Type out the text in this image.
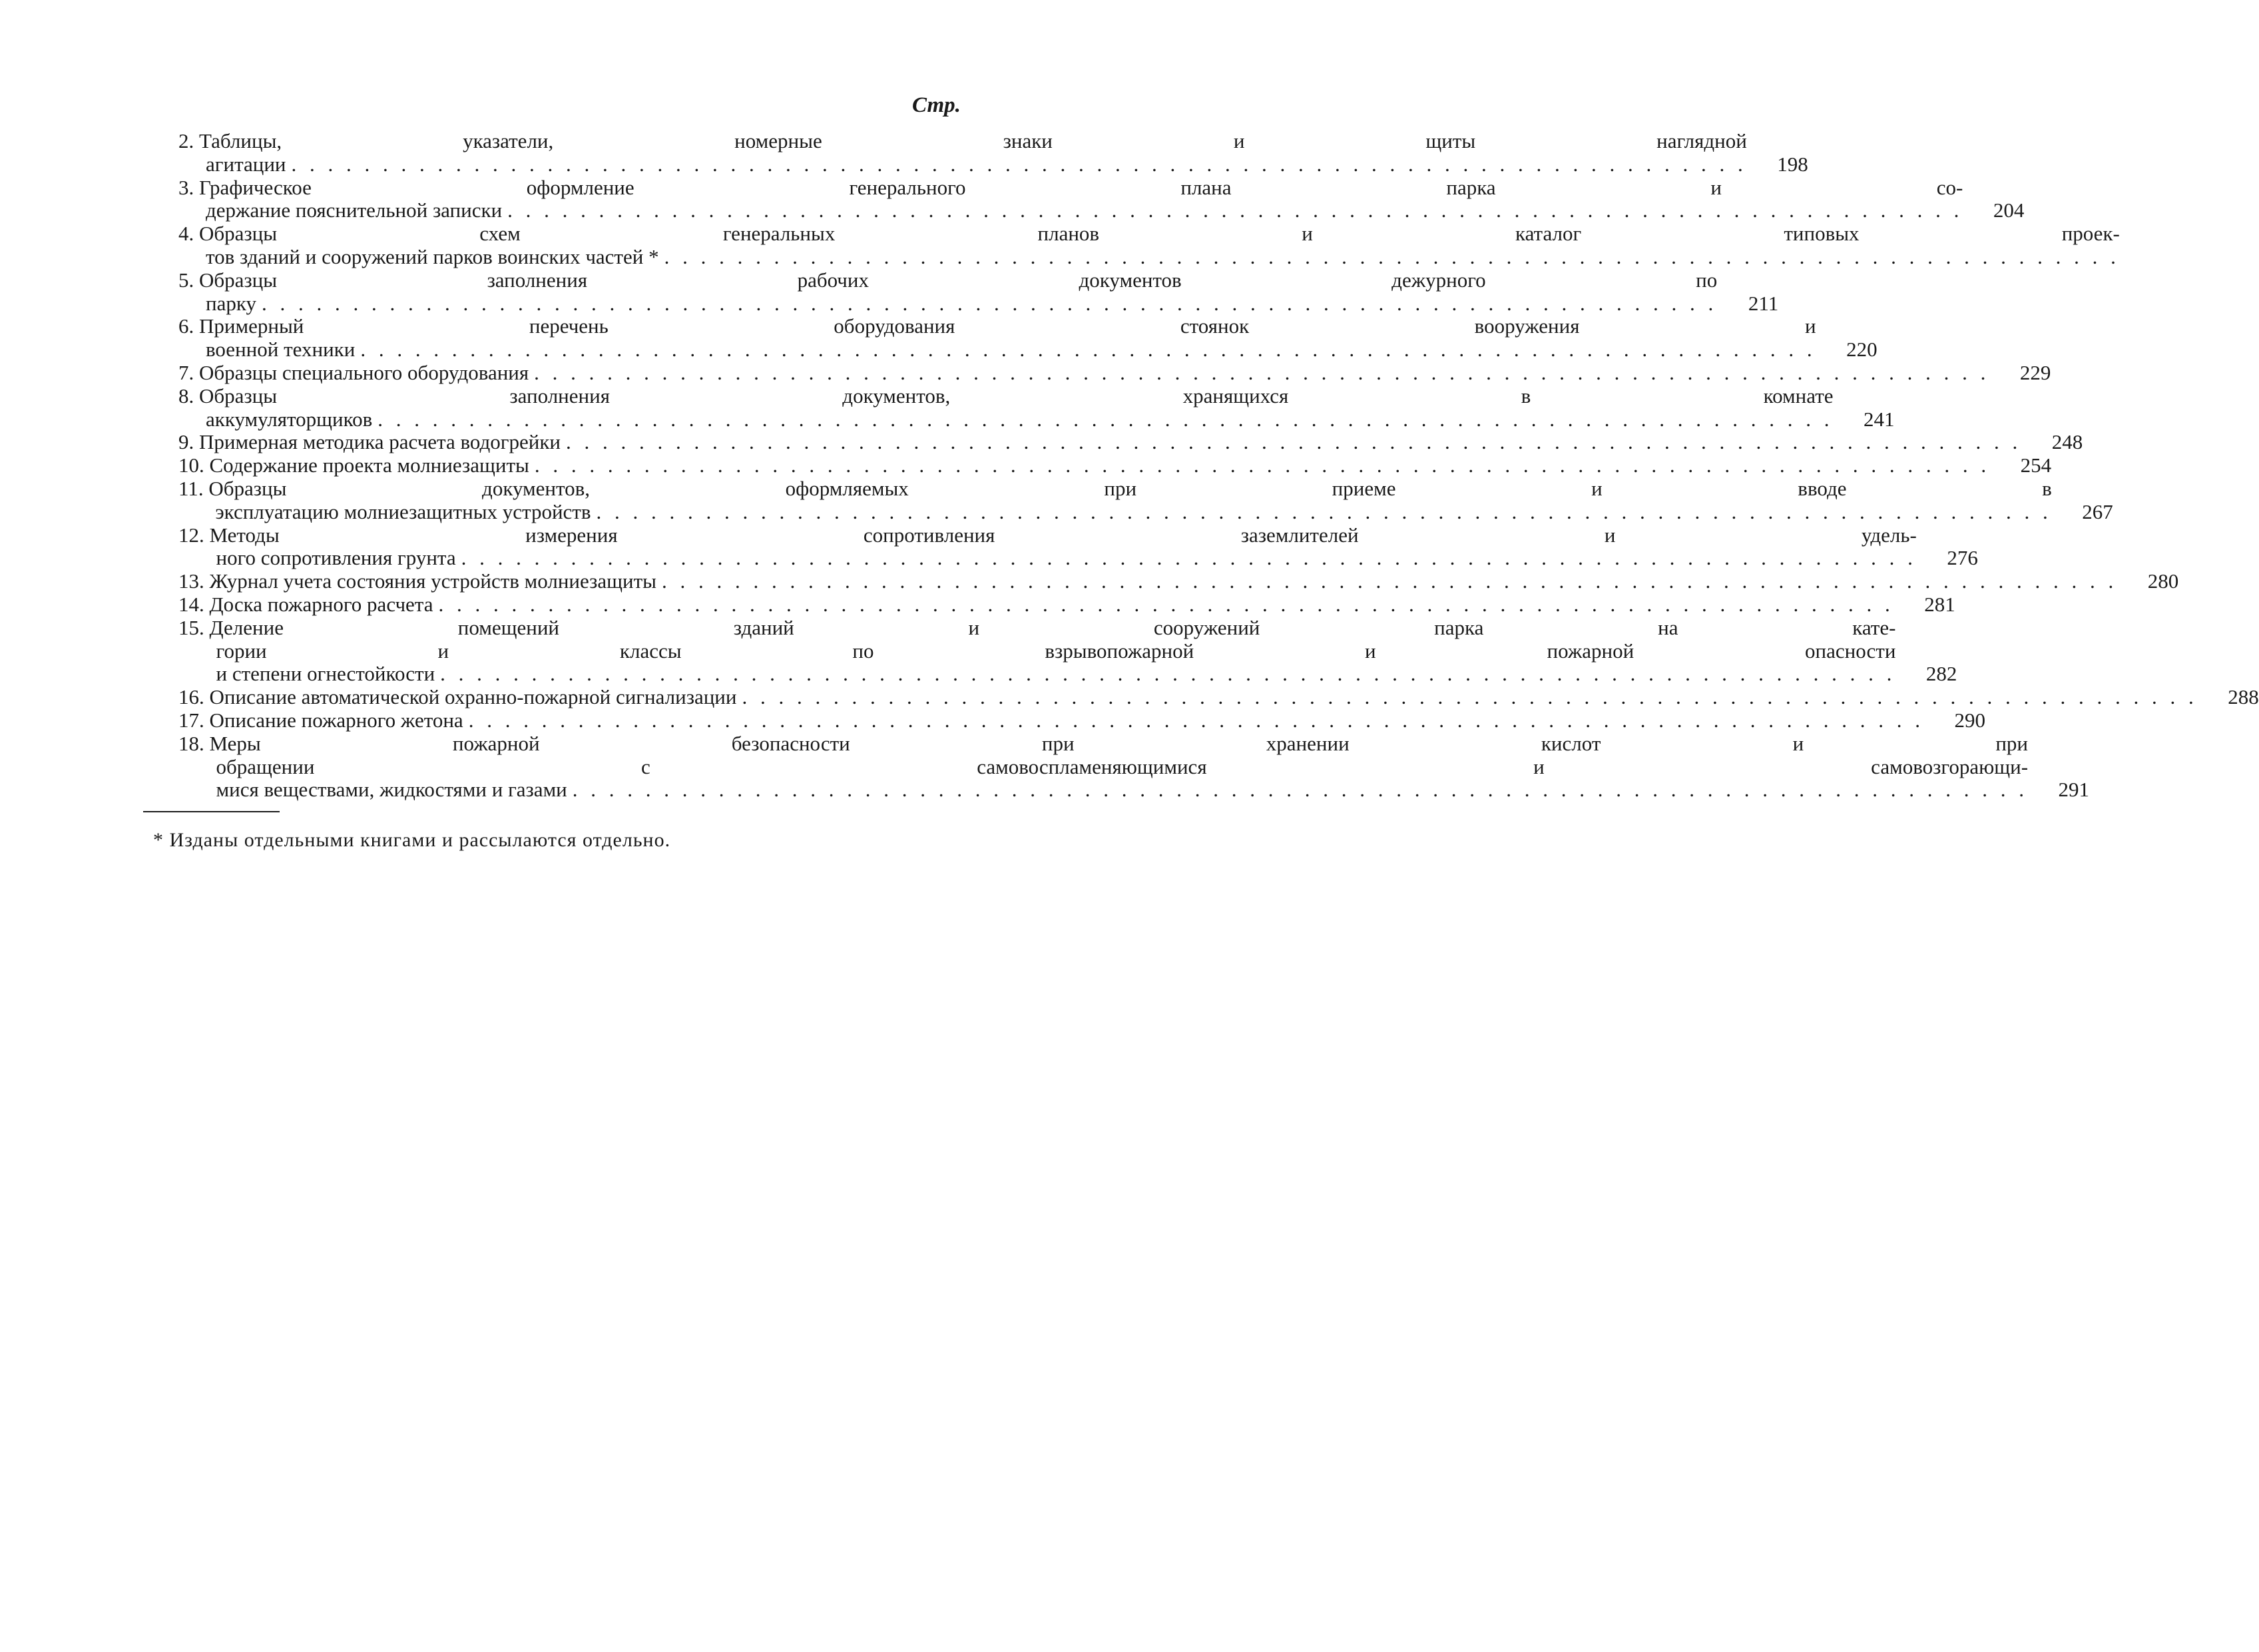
Стр.
2. Таблицы, указатели, номерные знаки и щиты наглядной
агитации . . . . . . . . . . . . . . . . . . . . . . . . . . . . . . . . . . . . . . . . . . . . . . . . . . . . . . . . . . . . . . . . . . . . . . . . . . . . . . . .	198
3. Графическое оформление генерального плана парка и со-
держание пояснительной записки . . . . . . . . . . . . . . . . . . . . . . . . . . . . . . . . . . . . . . . . . . . . . . . . . . . . . . . . . . . . . . . . . . . . . . . . . . . . . . . .	204
4. Образцы схем генеральных планов и каталог типовых проек-
тов зданий и сооружений парков воинских частей * . . . . . . . . . . . . . . . . . . . . . . . . . . . . . . . . . . . . . . . . . . . . . . . . . . . . . . . . . . . . . . . . . . . . . . . . . . . . . . . .
5. Образцы заполнения рабочих документов дежурного по
парку . . . . . . . . . . . . . . . . . . . . . . . . . . . . . . . . . . . . . . . . . . . . . . . . . . . . . . . . . . . . . . . . . . . . . . . . . . . . . . . .	211
6. Примерный перечень оборудования стоянок вооружения и
военной техники . . . . . . . . . . . . . . . . . . . . . . . . . . . . . . . . . . . . . . . . . . . . . . . . . . . . . . . . . . . . . . . . . . . . . . . . . . . . . . . .	220
7. Образцы специального оборудования . . . . . . . . . . . . . . . . . . . . . . . . . . . . . . . . . . . . . . . . . . . . . . . . . . . . . . . . . . . . . . . . . . . . . . . . . . . . . . . .	229
8. Образцы заполнения документов, хранящихся в комнате
аккумуляторщиков . . . . . . . . . . . . . . . . . . . . . . . . . . . . . . . . . . . . . . . . . . . . . . . . . . . . . . . . . . . . . . . . . . . . . . . . . . . . . . . .	241
9. Примерная методика расчета водогрейки . . . . . . . . . . . . . . . . . . . . . . . . . . . . . . . . . . . . . . . . . . . . . . . . . . . . . . . . . . . . . . . . . . . . . . . . . . . . . . . .	248
10. Содержание проекта молниезащиты . . . . . . . . . . . . . . . . . . . . . . . . . . . . . . . . . . . . . . . . . . . . . . . . . . . . . . . . . . . . . . . . . . . . . . . . . . . . . . . .	254
11. Образцы документов, оформляемых при приеме и вводе в
эксплуатацию молниезащитных устройств . . . . . . . . . . . . . . . . . . . . . . . . . . . . . . . . . . . . . . . . . . . . . . . . . . . . . . . . . . . . . . . . . . . . . . . . . . . . . . . .	267
12. Методы измерения сопротивления заземлителей и удель-
ного сопротивления грунта . . . . . . . . . . . . . . . . . . . . . . . . . . . . . . . . . . . . . . . . . . . . . . . . . . . . . . . . . . . . . . . . . . . . . . . . . . . . . . . .	276
13. Журнал учета состояния устройств молниезащиты . . . . . . . . . . . . . . . . . . . . . . . . . . . . . . . . . . . . . . . . . . . . . . . . . . . . . . . . . . . . . . . . . . . . . . . . . . . . . . . .	280
14. Доска пожарного расчета . . . . . . . . . . . . . . . . . . . . . . . . . . . . . . . . . . . . . . . . . . . . . . . . . . . . . . . . . . . . . . . . . . . . . . . . . . . . . . . .	281
15. Деление помещений зданий и сооружений парка на кате-
гории и классы по взрывопожарной и пожарной опасности
и степени огнестойкости . . . . . . . . . . . . . . . . . . . . . . . . . . . . . . . . . . . . . . . . . . . . . . . . . . . . . . . . . . . . . . . . . . . . . . . . . . . . . . . .	282
16. Описание автоматической охранно-пожарной сигнализации . . . . . . . . . . . . . . . . . . . . . . . . . . . . . . . . . . . . . . . . . . . . . . . . . . . . . . . . . . . . . . . . . . . . . . . . . . . . . . . .	288
17. Описание пожарного жетона . . . . . . . . . . . . . . . . . . . . . . . . . . . . . . . . . . . . . . . . . . . . . . . . . . . . . . . . . . . . . . . . . . . . . . . . . . . . . . . .	290
18. Меры пожарной безопасности при хранении кислот и при
обращении с самовоспламеняющимися и самовозгорающи-
мися веществами, жидкостями и газами . . . . . . . . . . . . . . . . . . . . . . . . . . . . . . . . . . . . . . . . . . . . . . . . . . . . . . . . . . . . . . . . . . . . . . . . . . . . . . . .	291
* Изданы отдельными книгами и рассылаются отдельно.
